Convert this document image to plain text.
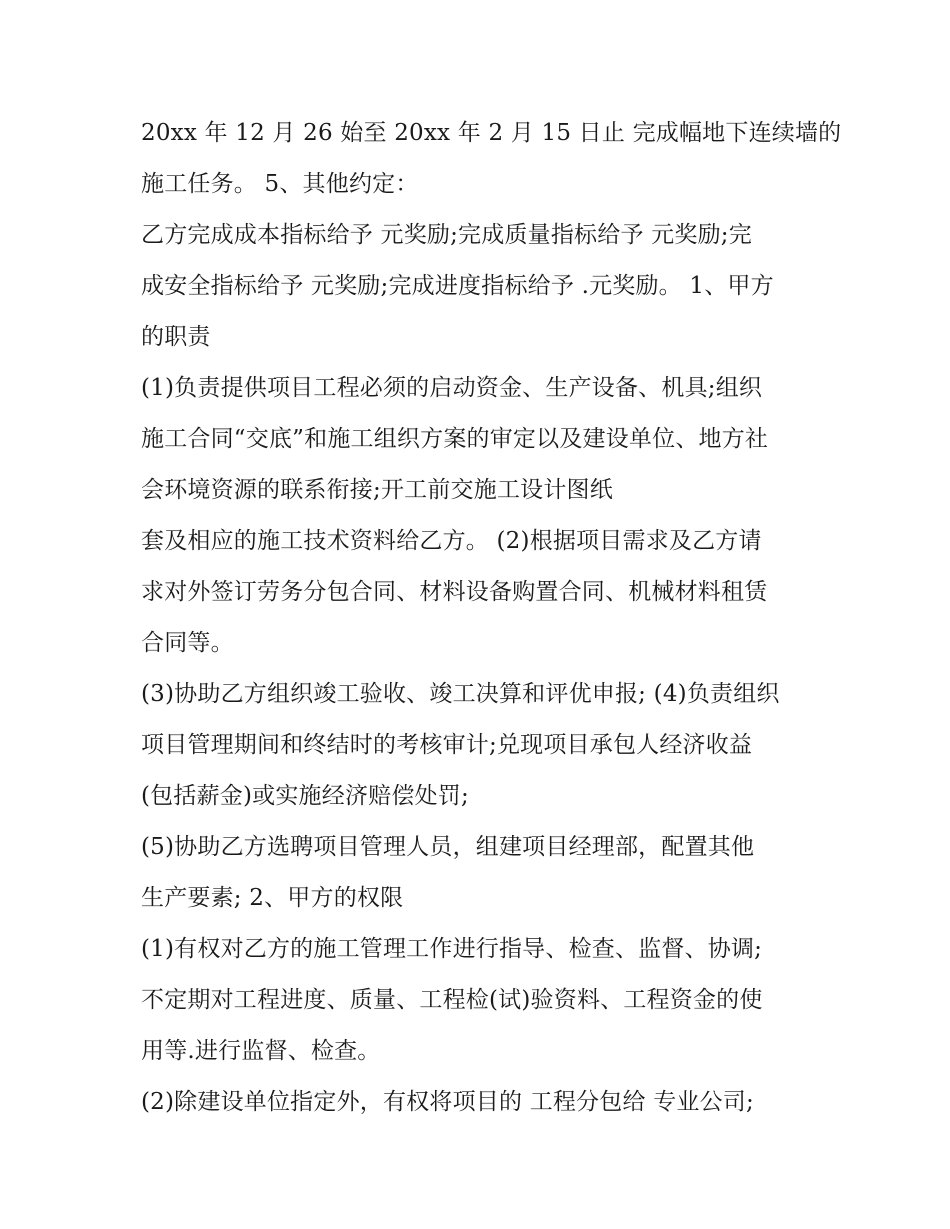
20xx 年 12 月 26 始至 20xx 年 2 月 15 日止 完成幅地下连续墙的
施工任务。 5、其他约定：
乙方完成成本指标给予 元奖励;完成质量指标给予 元奖励;完
成安全指标给予 元奖励;完成进度指标给予 .元奖励。 1、甲方
的职责
(1)负责提供项目工程必须的启动资金、生产设备、机具;组织
施工合同“交底”和施工组织方案的审定以及建设单位、地方社
会环境资源的联系衔接;开工前交施工设计图纸
套及相应的施工技术资料给乙方。 (2)根据项目需求及乙方请
求对外签订劳务分包合同、材料设备购置合同、机械材料租赁
合同等。
(3)协助乙方组织竣工验收、竣工决算和评优申报; (4)负责组织
项目管理期间和终结时的考核审计;兑现项目承包人经济收益
(包括薪金)或实施经济赔偿处罚;
(5)协助乙方选聘项目管理人员，组建项目经理部，配置其他
生产要素; 2、甲方的权限
(1)有权对乙方的施工管理工作进行指导、检查、监督、协调;
不定期对工程进度、质量、工程检(试)验资料、工程资金的使
用等.进行监督、检查。
(2)除建设单位指定外，有权将项目的 工程分包给 专业公司;
